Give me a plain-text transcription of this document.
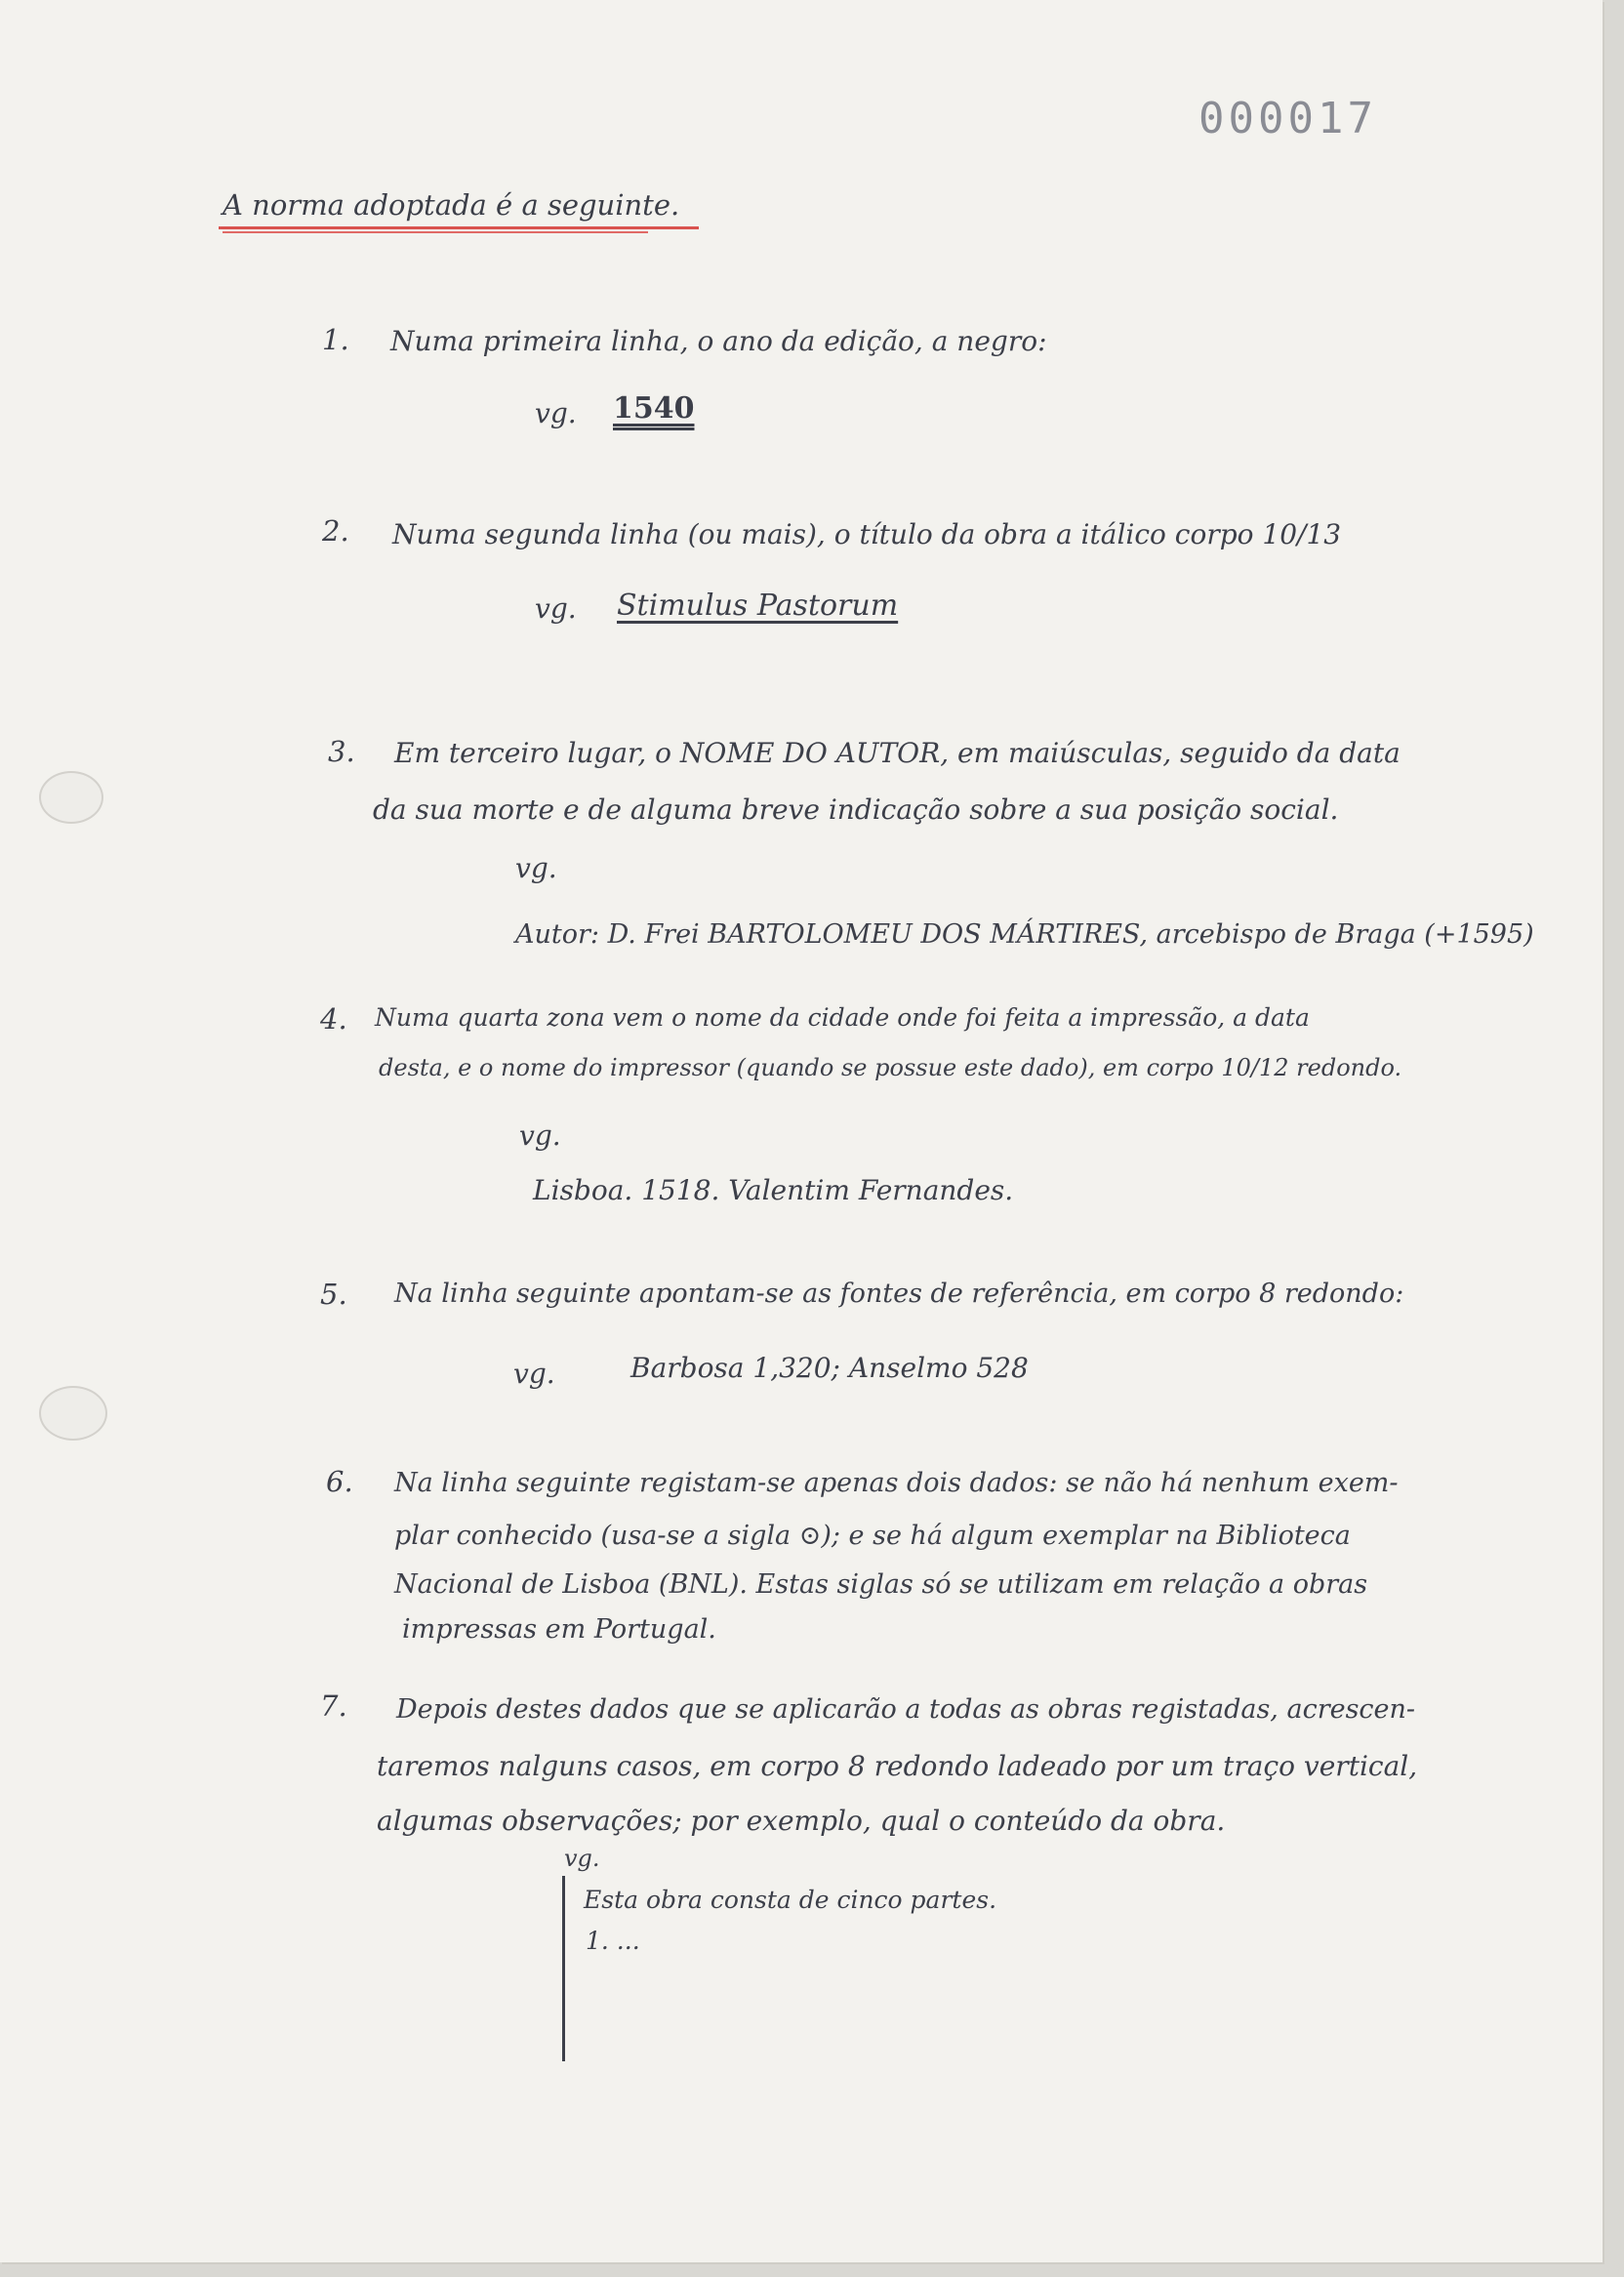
000017
A norma adoptada é a seguinte.
1. Numa primeira linha, o ano da edição, a negro:
vg. 1540
2. Numa segunda linha (ou mais), o título da obra a itálico corpo 10/13
vg. Stimulus Pastorum
3. Em terceiro lugar, o NOME DO AUTOR, em maiúsculas, seguido da data
da sua morte e de alguma breve indicação sobre a sua posição social.
vg.
Autor: D. Frei BARTOLOMEU DOS MÁRTIRES, arcebispo de Braga (+1595)
4. Numa quarta zona vem o nome da cidade onde foi feita a impressão, a data
desta, e o nome do impressor (quando se possue este dado), em corpo 10/12 redondo.
vg.
Lisboa. 1518. Valentim Fernandes.
5. Na linha seguinte apontam-se as fontes de referência, em corpo 8 redondo:
vg.	Barbosa 1,320; Anselmo 528
6. Na linha seguinte registam-se apenas dois dados: se não há nenhum exem-
plar conhecido (usa-se a sigla ⊙); e se há algum exemplar na Biblioteca
Nacional de Lisboa (BNL). Estas siglas só se utilizam em relação a obras
impressas em Portugal.
7. Depois destes dados que se aplicarão a todas as obras registadas, acrescen-
taremos nalguns casos, em corpo 8 redondo ladeado por um traço vertical,
algumas observações; por exemplo, qual o conteúdo da obra.
vg.
Esta obra consta de cinco partes.
1. ...
